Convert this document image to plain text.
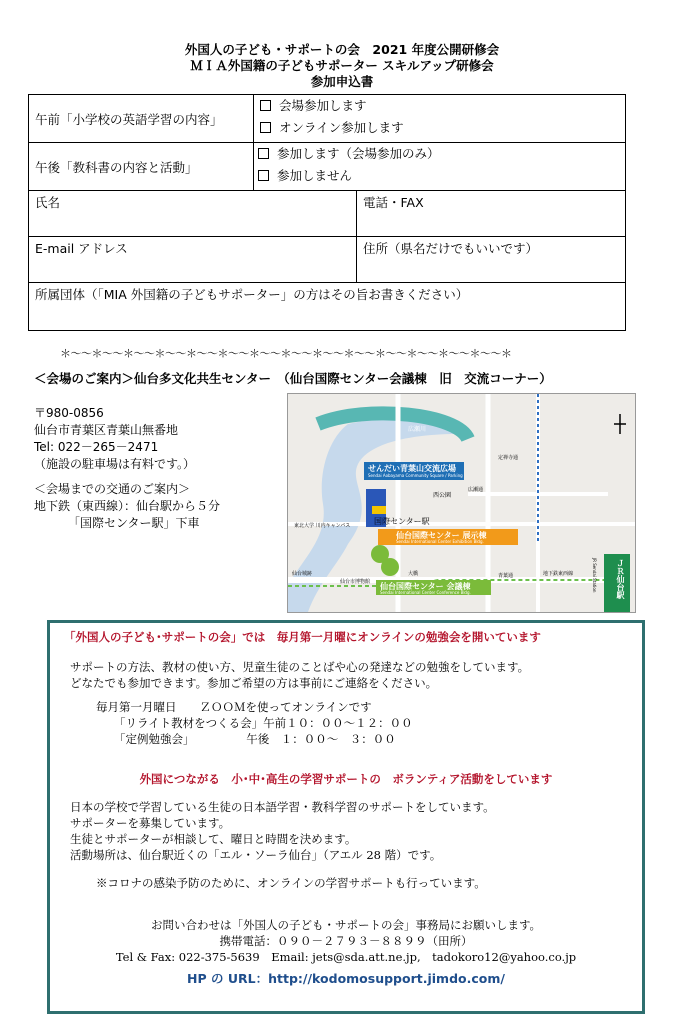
外国人の子ども・サポートの会　2021 年度公開研修会
ＭＩＡ外国籍の子どもサポーター スキルアップ研修会
参加申込書
午前「小学校の英語学習の内容」	会場参加します
オンライン参加します	

午後「教科書の内容と活動」	参加します（会場参加のみ）
参加しません	

氏名		電話・FAX
E-mail アドレス		住所（県名だけでもいいです）
所属団体（「MIA 外国籍の子どもサポーター」の方はその旨お書きください）		
＊～～＊～～＊～～＊～～＊～～＊～～＊～～＊～～＊～～＊～～＊～～＊～～＊～～＊～～＊
＜会場のご案内＞仙台多文化共生センター　（仙台国際センター会議棟　旧　交流コーナー）
〒980-0856
仙台市青葉区青葉山無番地
Tel: 022－265－2471
（施設の駐車場は有料です。）
＜会場までの交通のご案内＞
地下鉄（東西線）：仙台駅から５分
「国際センター駅」下車
せんだい青葉山交流広場
Sendai Aobayama Community Square / Parking
国際センター駅
仙台国際センター 展示棟
Sendai International Center Exhibition Bldg.
仙台国際センター 会議棟
Sendai International Center Conference Bldg.	ＪＲ仙台駅
JR Sendai Station
広瀬川
西公園
東北大学 川内キャンパス
大橋	青葉通
広瀬通
地下鉄東西線
仙台市博物館
仙台城跡
定禅寺通
「外国人の子ども･サポートの会」では　毎月第一月曜にオンラインの勉強会を開いています
サポートの方法、教材の使い方、児童生徒のことばや心の発達などの勉強をしています。
どなたでも参加できます。参加ご希望の方は事前にご連絡をください。
毎月第一月曜日　　ＺＯＯＭを使ってオンラインです
「リライト教材をつくる会」午前１０：００～１２：００
「定例勉強会」　　　　　午後　１：００～　３：００
外国につながる　小･中･高生の学習サポートの　ボランティア活動をしています
日本の学校で学習している生徒の日本語学習・教科学習のサポートをしています。
サポーターを募集しています。
生徒とサポーターが相談して、曜日と時間を決めます。
活動場所は、仙台駅近くの「エル・ソーラ仙台」（アエル 28 階）です。
※コロナの感染予防のために、オンラインの学習サポートも行っています。
お問い合わせは「外国人の子ども・サポートの会」事務局にお願いします。
携帯電話：０９０－２７９３－８８９９（田所）
Tel & Fax: 022-375-5639　Email: jets@sda.att.ne.jp,　tadokoro12@yahoo.co.jp
HP の URL：http://kodomosupport.jimdo.com/
